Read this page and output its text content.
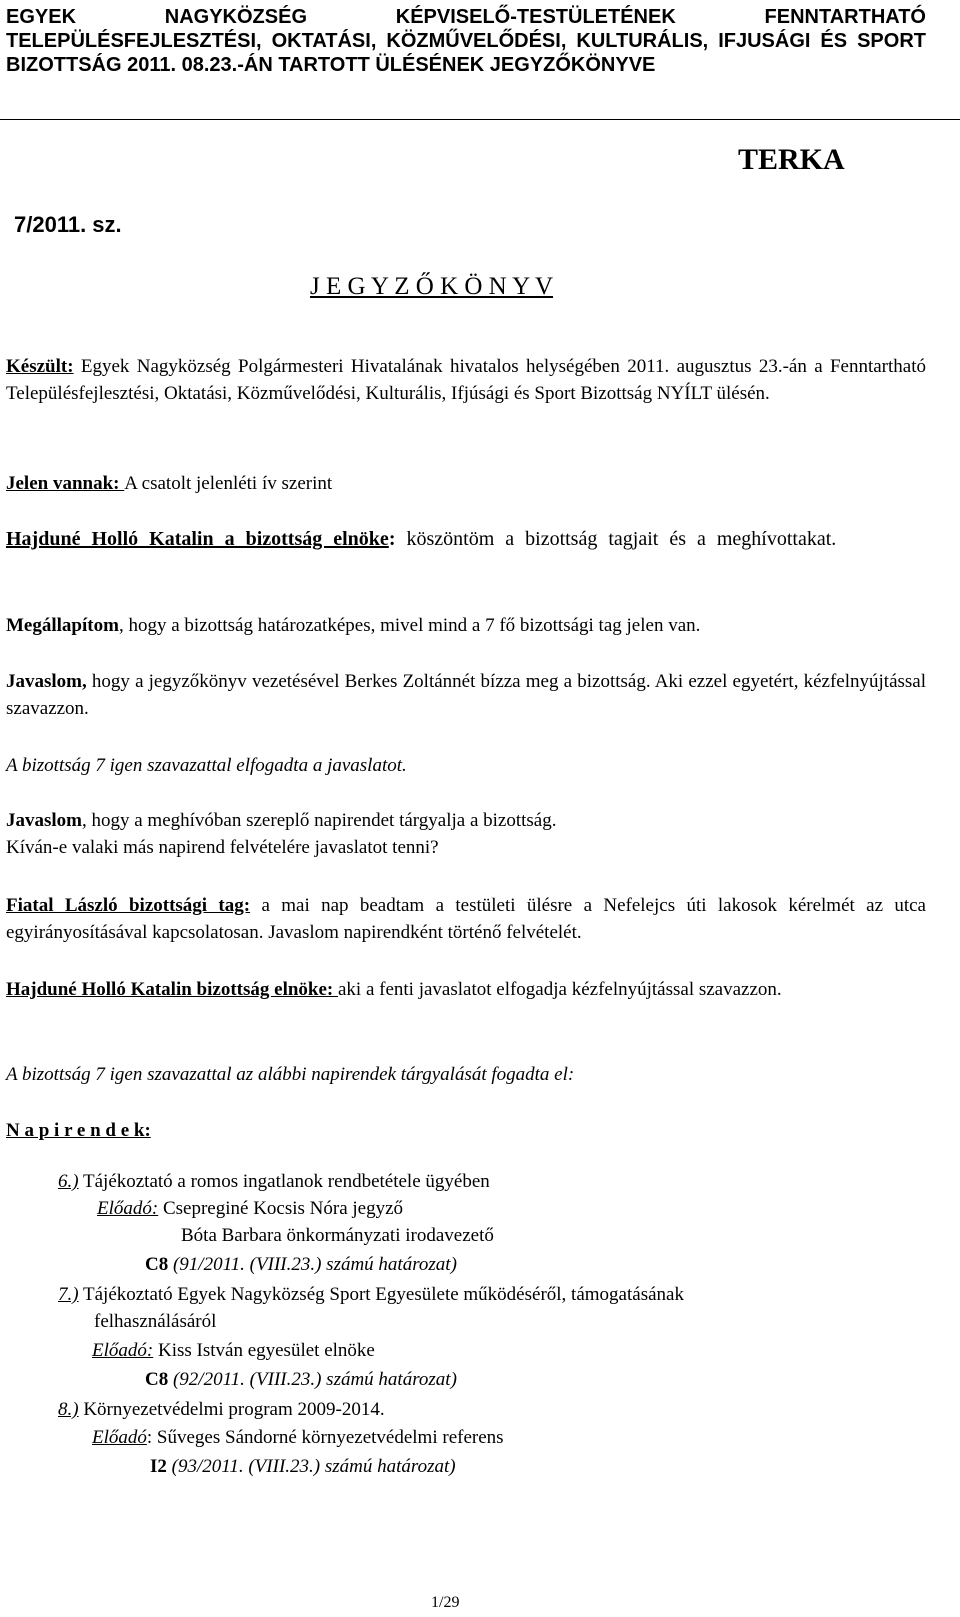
EGYEK NAGYKÖZSÉG KÉPVISELŐ-TESTÜLETÉNEK FENNTARTHATÓ TELEPÜLÉSFEJLESZTÉSI, OKTATÁSI, KÖZMŰVELŐDÉSI, KULTURÁLIS, IFJUSÁGI ÉS SPORT BIZOTTSÁG 2011. 08.23.-ÁN TARTOTT ÜLÉSÉNEK JEGYZŐKÖNYVE
TERKA
7/2011. sz.
J E G Y Z Ő K Ö N Y V
Készült: Egyek Nagyközség Polgármesteri Hivatalának hivatalos helységében 2011. augusztus 23.-án a Fenntartható Településfejlesztési, Oktatási, Közművelődési, Kulturális, Ifjúsági és Sport Bizottság NYÍLT ülésén.
Jelen vannak: A csatolt jelenléti ív szerint
Hajduné Holló Katalin a bizottság elnöke: köszöntöm a bizottság tagjait és a meghívottakat.
Megállapítom, hogy a bizottság határozatképes, mivel mind a 7 fő bizottsági tag jelen van.
Javaslom, hogy a jegyzőkönyv vezetésével Berkes Zoltánnét bízza meg a bizottság. Aki ezzel egyetért, kézfelnyújtással szavazzon.
A bizottság 7 igen szavazattal elfogadta a javaslatot.
Javaslom, hogy a meghívóban szereplő napirendet tárgyalja a bizottság.
Kíván-e valaki más napirend felvételére javaslatot tenni?
Fiatal László bizottsági tag: a mai nap beadtam a testületi ülésre a Nefelejcs úti lakosok kérelmét az utca egyirányosításával kapcsolatosan. Javaslom napirendként történő felvételét.
Hajduné Holló Katalin bizottság elnöke: aki a fenti javaslatot elfogadja kézfelnyújtással szavazzon.
A bizottság 7 igen szavazattal az alábbi napirendek tárgyalását fogadta el:
N a p i r e n d e k:
6.) Tájékoztató a romos ingatlanok rendbetétele ügyében
Előadó: Csepreginé Kocsis Nóra jegyző
Bóta Barbara önkormányzati irodavezető
C8 (91/2011. (VIII.23.) számú határozat)
7.) Tájékoztató Egyek Nagyközség Sport Egyesülete működéséről, támogatásának
felhasználásáról
Előadó: Kiss István egyesület elnöke
C8 (92/2011. (VIII.23.) számú határozat)
8.) Környezetvédelmi program 2009-2014.
Előadó: Sűveges Sándorné környezetvédelmi referens
I2 (93/2011. (VIII.23.) számú határozat)
1/29
